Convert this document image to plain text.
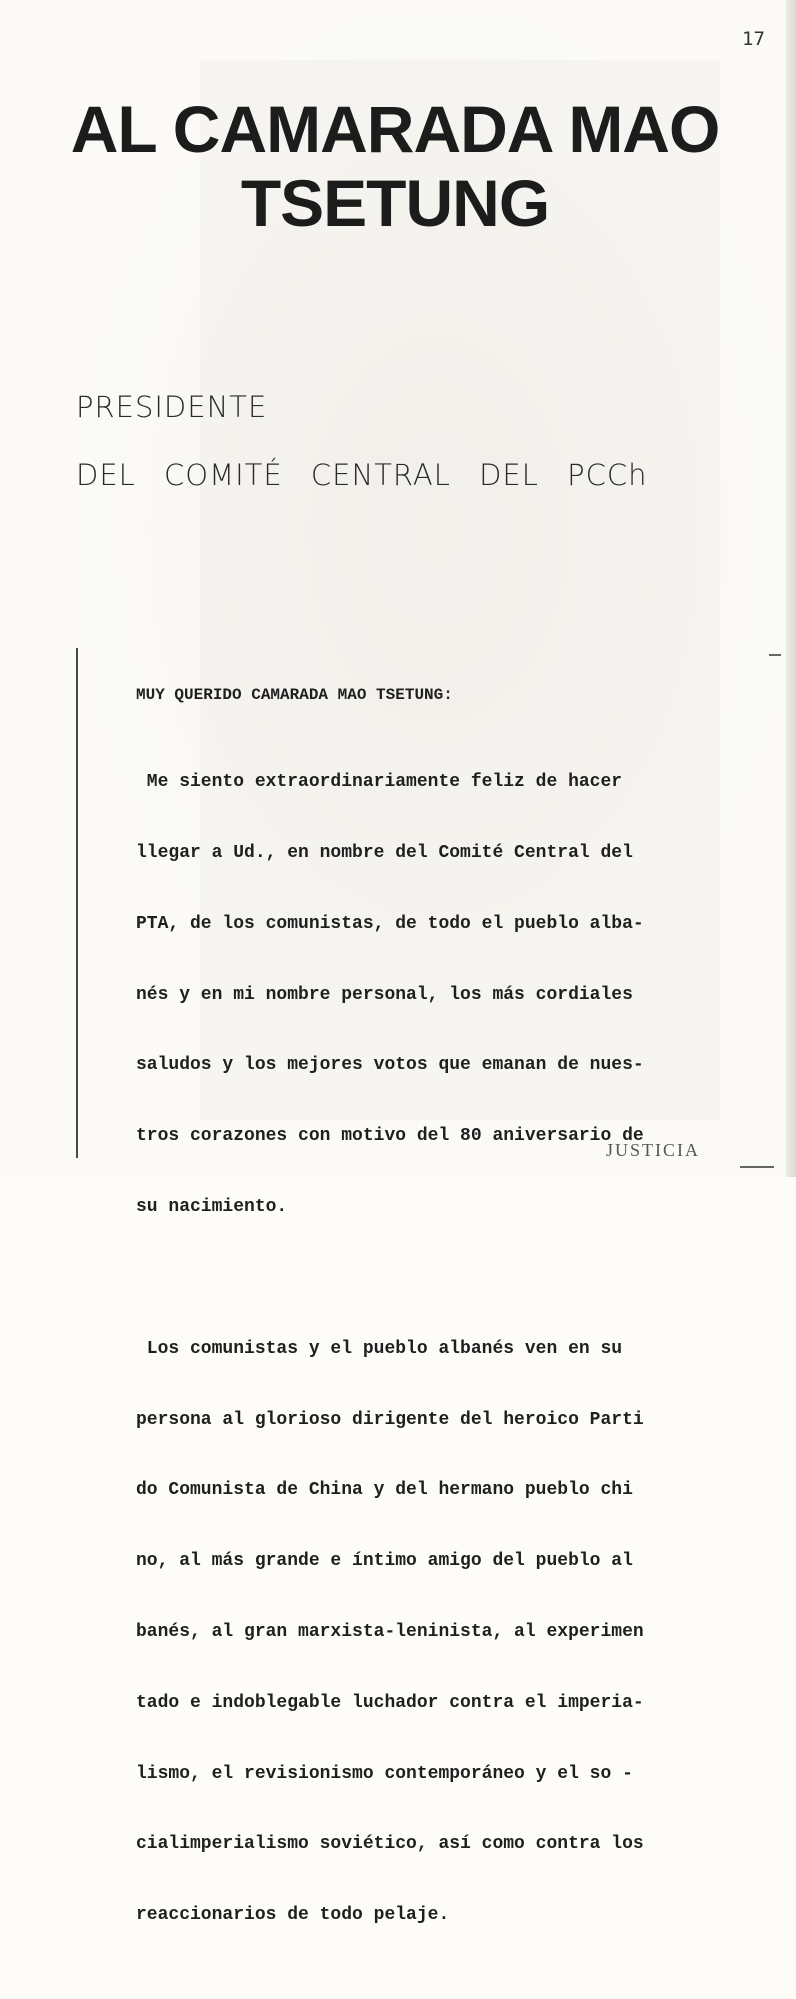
17
AL CAMARADA MAO
TSETUNG
PRESIDENTE
DEL COMITÉ CENTRAL DEL PCCh
MUY QUERIDO CAMARADA MAO TSETUNG:

Me siento extraordinariamente feliz de hacer

llegar a Ud., en nombre del Comité Central del

PTA, de los comunistas, de todo el pueblo alba-

nés y en mi nombre personal, los más cordiales

saludos y los mejores votos que emanan de nues-

tros corazones con motivo del 80 aniversario de

su nacimiento.

Los comunistas y el pueblo albanés ven en su

persona al glorioso dirigente del heroico Parti

do Comunista de China y del hermano pueblo chi

no, al más grande e íntimo amigo del pueblo al

banés, al gran marxista-leninista, al experimen

tado e indoblegable luchador contra el imperia-

lismo, el revisionismo contemporáneo y el so -

cialimperialismo soviético, así como contra los

reaccionarios de todo pelaje.

JUSTICIA
